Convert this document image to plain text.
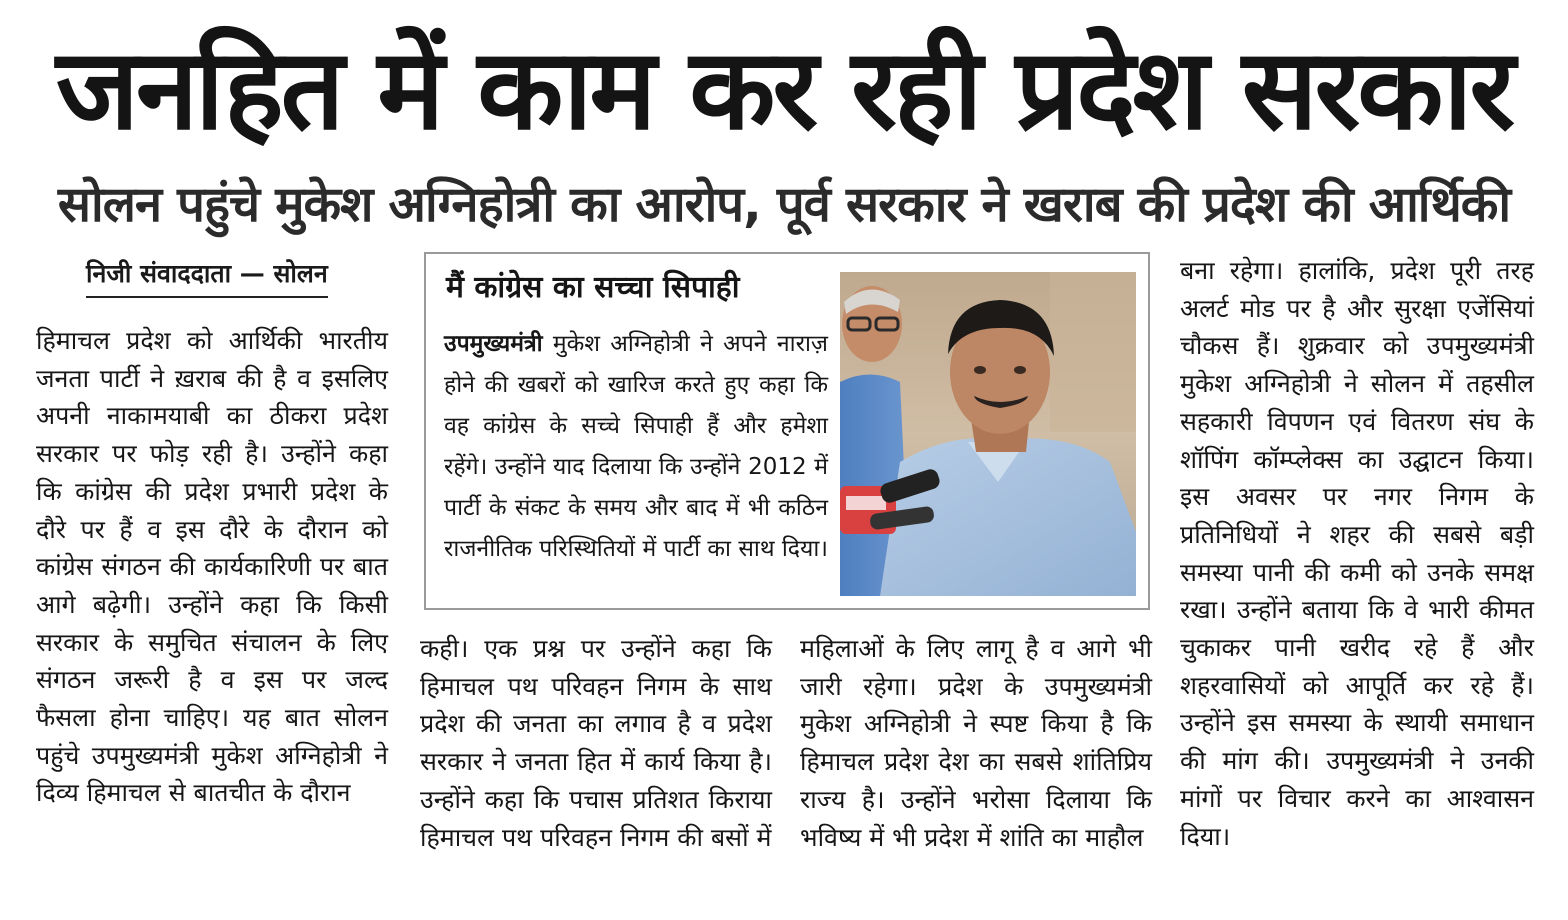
जनहित में काम कर रही प्रदेश सरकार
सोलन पहुंचे मुकेश अग्निहोत्री का आरोप, पूर्व सरकार ने खराब की प्रदेश की आर्थिकी
निजी संवाददाता — सोलन

हिमाचल प्रदेश को आर्थिकी भारतीय जनता पार्टी ने ख़राब की है व इसलिए अपनी नाकामयाबी का ठीकरा प्रदेश सरकार पर फोड़ रही है। उन्होंने कहा कि कांग्रेस की प्रदेश प्रभारी प्रदेश के दौरे पर हैं व इस दौरे के दौरान को कांग्रेस संगठन की कार्यकारिणी पर बात आगे बढ़ेगी। उन्होंने कहा कि किसी सरकार के समुचित संचालन के लिए संगठन जरूरी है व इस पर जल्द फैसला होना चाहिए। यह बात सोलन पहुंचे उपमुख्यमंत्री मुकेश अग्निहोत्री ने दिव्य हिमाचल से बातचीत के दौरान

मैं कांग्रेस का सच्चा सिपाही
उपमुख्यमंत्री मुकेश अग्निहोत्री ने अपने नाराज़ होने की खबरों को खारिज करते हुए कहा कि वह कांग्रेस के सच्चे सिपाही हैं और हमेशा रहेंगे। उन्होंने याद दिलाया कि उन्होंने 2012 में पार्टी के संकट के समय और बाद में भी कठिन राजनीतिक परिस्थितियों में पार्टी का साथ दिया।

कही। एक प्रश्न पर उन्होंने कहा कि हिमाचल पथ परिवहन निगम के साथ प्रदेश की जनता का लगाव है व प्रदेश सरकार ने जनता हित में कार्य किया है। उन्होंने कहा कि पचास प्रतिशत किराया हिमाचल पथ परिवहन निगम की बसों में

महिलाओं के लिए लागू है व आगे भी जारी रहेगा। प्रदेश के उपमुख्यमंत्री मुकेश अग्निहोत्री ने स्पष्ट किया है कि हिमाचल प्रदेश देश का सबसे शांतिप्रिय राज्य है। उन्होंने भरोसा दिलाया कि भविष्य में भी प्रदेश में शांति का माहौल

बना रहेगा। हालांकि, प्रदेश पूरी तरह अलर्ट मोड पर है और सुरक्षा एजेंसियां चौकस हैं। शुक्रवार को उपमुख्यमंत्री मुकेश अग्निहोत्री ने सोलन में तहसील सहकारी विपणन एवं वितरण संघ के शॉपिंग कॉम्प्लेक्स का उद्घाटन किया। इस अवसर पर नगर निगम के प्रतिनिधियों ने शहर की सबसे बड़ी समस्या पानी की कमी को उनके समक्ष रखा। उन्होंने बताया कि वे भारी कीमत चुकाकर पानी खरीद रहे हैं और शहरवासियों को आपूर्ति कर रहे हैं। उन्होंने इस समस्या के स्थायी समाधान की मांग की। उपमुख्यमंत्री ने उनकी मांगों पर विचार करने का आश्वासन दिया।
